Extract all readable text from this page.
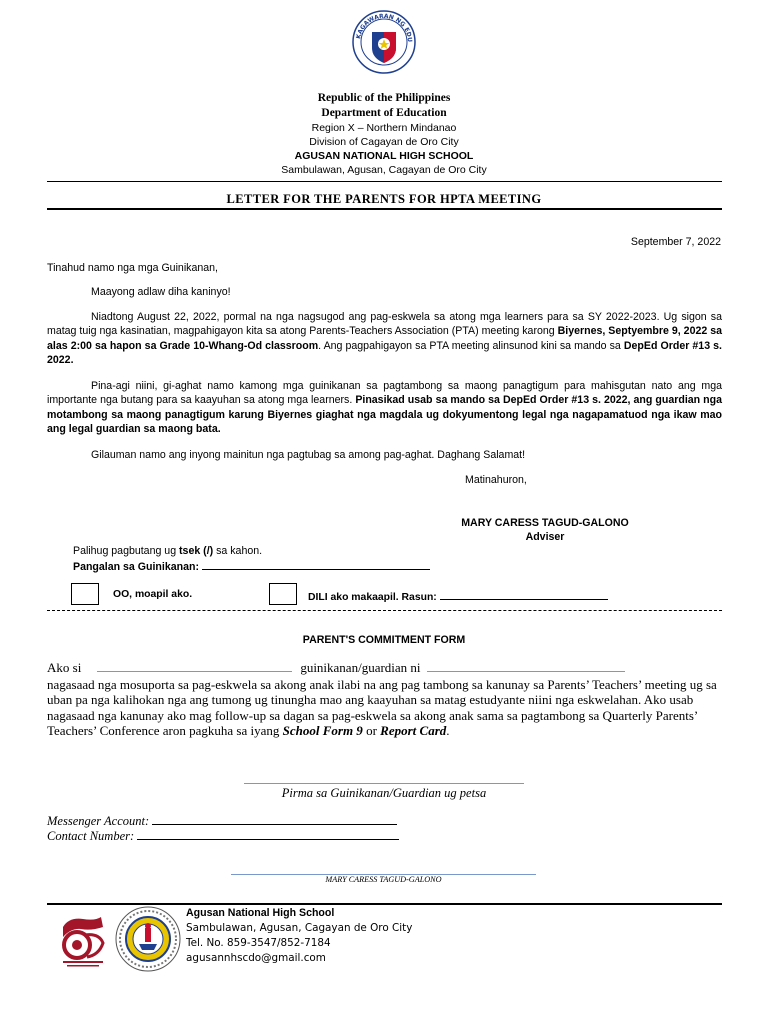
KAGAWARAN NG EDU
Republic of the Philippines
Department of Education
Region X – Northern Mindanao
Division of Cagayan de Oro City
AGUSAN NATIONAL HIGH SCHOOL
Sambulawan, Agusan, Cagayan de Oro City
LETTER FOR THE PARENTS FOR HPTA MEETING
September 7, 2022
Tinahud namo nga mga Guinikanan,
Maayong adlaw diha kaninyo!
Niadtong August 22, 2022, pormal na nga nagsugod ang pag-eskwela sa atong mga learners para sa SY 2022-2023. Ug sigon sa matag tuig nga kasinatian, magpahigayon kita sa atong Parents-Teachers Association (PTA) meeting karong Biyernes, Septyembre 9, 2022 sa alas 2:00 sa hapon sa Grade 10-Whang-Od classroom. Ang pagpahigayon sa PTA meeting alinsunod kini sa mando sa DepEd Order #13 s. 2022.
Pina-agi niini, gi-aghat namo kamong mga guinikanan sa pagtambong sa maong panagtigum para mahisgutan nato ang mga importante nga butang para sa kaayuhan sa atong mga learners. Pinasikad usab sa mando sa DepEd Order #13 s. 2022, ang guardian nga motambong sa maong panagtigum karung Biyernes giaghat nga magdala ug dokyumentong legal nga nagapamatuod nga ikaw mao ang legal guardian sa maong bata.
Gilauman namo ang inyong mainitun nga pagtubag sa among pag-aghat. Daghang Salamat!
Matinahuron,
MARY CARESS TAGUD-GALONO
Adviser
Palihug pagbutang ug tsek (/) sa kahon.
Pangalan sa Guinikanan:
OO, moapil ako.	DILI ako makaapil. Rasun:
PARENT'S COMMITMENT FORM
Ako si	guinikanan/guardian ni
nagasaad nga mosuporta sa pag-eskwela sa akong anak ilabi na ang pag tambong sa kanunay sa Parents’ Teachers’ meeting ug sa uban pa nga kalihokan nga ang tumong ug tinungha mao ang kaayuhan sa matag estudyante niini nga eskwelahan. Ako usab nagasaad nga kanunay ako mag follow-up sa dagan sa pag-eskwela sa akong anak sama sa pagtambong sa Quarterly Parents’ Teachers’ Conference aron pagkuha sa iyang School Form 9 or Report Card.
Pirma sa Guinikanan/Guardian ug petsa
Messenger Account:
Contact Number:
MARY CARESS TAGUD-GALONO
Agusan National High School
Sambulawan, Agusan, Cagayan de Oro City
Tel. No. 859-3547/852-7184
agusannhscdo@gmail.com
